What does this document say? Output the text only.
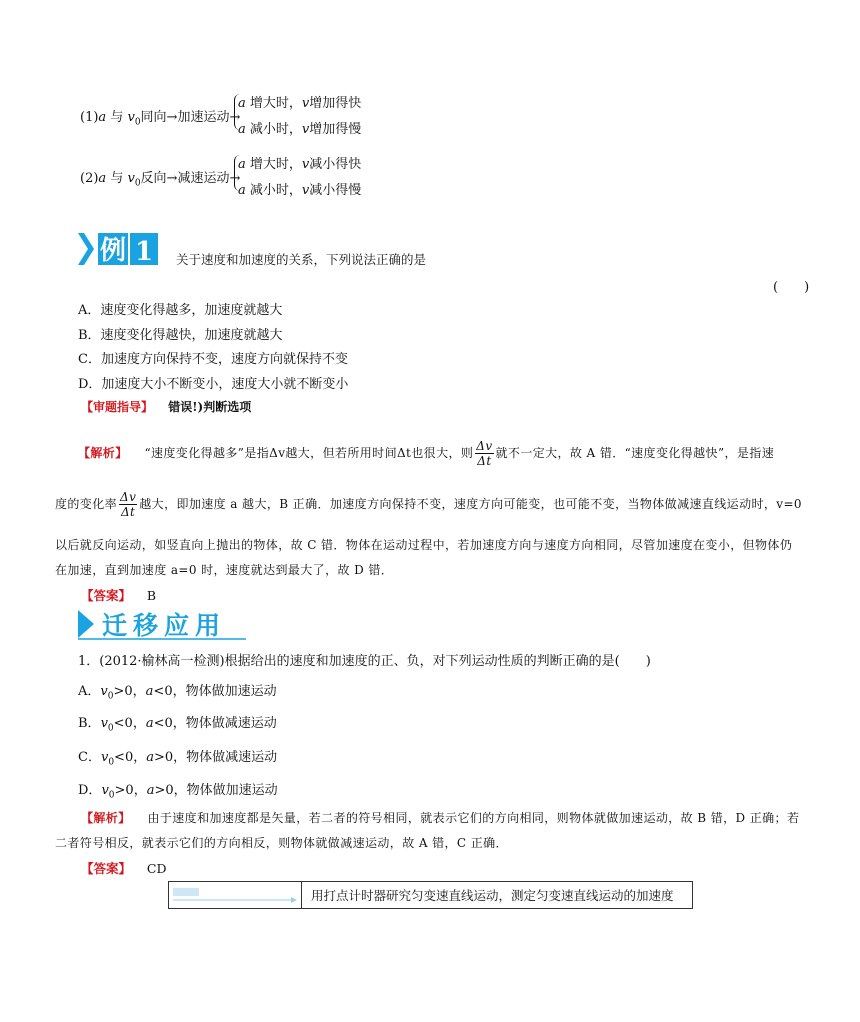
(1)a 与 $v_0$同向→加速运动→
a 增大时，v增加得快
a 减小时，v增加得慢
(2)a 与 $v_0$反向→减速运动→
a 增大时，v减小得快
a 减小时，v减小得慢
例 1 关于速度和加速度的关系，下列说法正确的是
(　　)
A．速度变化得越多，加速度就越大
B．速度变化得越快，加速度就越大
C．加速度方向保持不变，速度方向就保持不变
D．加速度大小不断变小，速度大小就不断变小
【审题指导】 错误!)判断选项
【解析】 “速度变化得越多”是指Δv越大，但若所用时间Δt也很大，则 $\frac{\Delta v}{\Delta t}$ 就不一定大，故 A 错．“速度变化得越快”，是指速
度的变化率 $\frac{\Delta v}{\Delta t}$ 越大，即加速度 a 越大，B 正确．加速度方向保持不变，速度方向可能变，也可能不变，当物体做减速直线运动时，v=0
以后就反向运动，如竖直向上抛出的物体，故 C 错．物体在运动过程中，若加速度方向与速度方向相同，尽管加速度在变小，但物体仍
在加速，直到加速度 a=0 时，速度就达到最大了，故 D 错．
【答案】 B
迁移应用
1．(2012·榆林高一检测)根据给出的速度和加速度的正、负，对下列运动性质的判断正确的是(　　)
A．$v_0>0$，a<0，物体做加速运动
B．$v_0<0$，a<0，物体做减速运动
C．$v_0<0$，a>0，物体做减速运动
D．$v_0>0$，a>0，物体做加速运动
【解析】 由于速度和加速度都是矢量，若二者的符号相同，就表示它们的方向相同，则物体就做加速运动，故 B 错，D 正确；若
二者符号相反，就表示它们的方向相反，则物体就做减速运动，故 A 错，C 正确．
【答案】 CD
用打点计时器研究匀变速直线运动，测定匀变速直线运动的加速度
